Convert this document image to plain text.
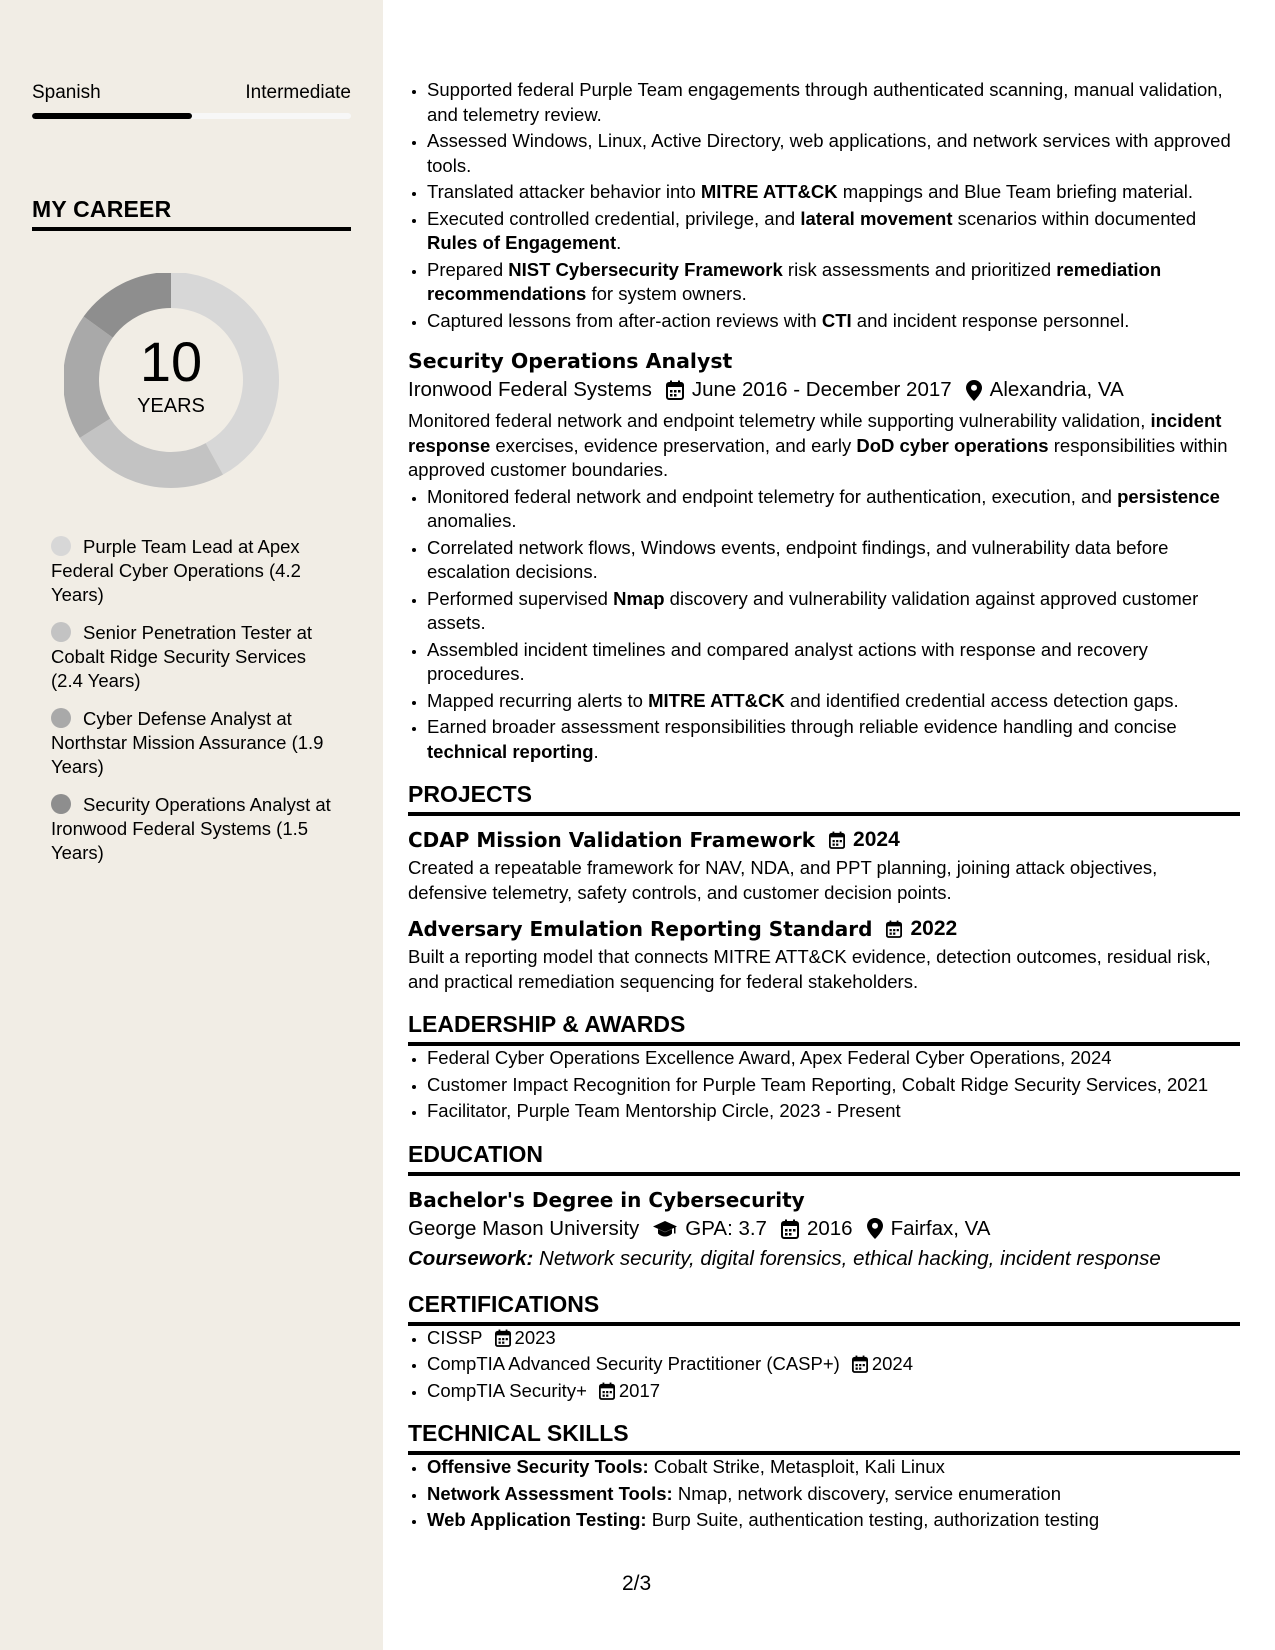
Spanish	Intermediate
MY CAREER
10
YEARS
Purple Team Lead at Apex Federal Cyber Operations (4.2 Years)
Senior Penetration Tester at Cobalt Ridge Security Services (2.4 Years)
Cyber Defense Analyst at Northstar Mission Assurance (1.9 Years)
Security Operations Analyst at Ironwood Federal Systems (1.5 Years)
• Supported federal Purple Team engagements through authenticated scanning, manual validation, and telemetry review.
• Assessed Windows, Linux, Active Directory, web applications, and network services with approved tools.
• Translated attacker behavior into MITRE ATT&CK mappings and Blue Team briefing material.
• Executed controlled credential, privilege, and lateral movement scenarios within documented Rules of Engagement.
• Prepared NIST Cybersecurity Framework risk assessments and prioritized remediation recommendations for system owners.
• Captured lessons from after-action reviews with CTI and incident response personnel.
Security Operations Analyst
Ironwood Federal Systems June 2016 - December 2017 Alexandria, VA
Monitored federal network and endpoint telemetry while supporting vulnerability validation, incident response exercises, evidence preservation, and early DoD cyber operations responsibilities within approved customer boundaries.
• Monitored federal network and endpoint telemetry for authentication, execution, and persistence anomalies.
• Correlated network flows, Windows events, endpoint findings, and vulnerability data before escalation decisions.
• Performed supervised Nmap discovery and vulnerability validation against approved customer assets.
• Assembled incident timelines and compared analyst actions with response and recovery procedures.
• Mapped recurring alerts to MITRE ATT&CK and identified credential access detection gaps.
• Earned broader assessment responsibilities through reliable evidence handling and concise technical reporting.
PROJECTS
CDAP Mission Validation Framework 2024
Created a repeatable framework for NAV, NDA, and PPT planning, joining attack objectives, defensive telemetry, safety controls, and customer decision points.
Adversary Emulation Reporting Standard 2022
Built a reporting model that connects MITRE ATT&CK evidence, detection outcomes, residual risk, and practical remediation sequencing for federal stakeholders.
LEADERSHIP & AWARDS
• Federal Cyber Operations Excellence Award, Apex Federal Cyber Operations, 2024
• Customer Impact Recognition for Purple Team Reporting, Cobalt Ridge Security Services, 2021
• Facilitator, Purple Team Mentorship Circle, 2023 - Present
EDUCATION
Bachelor's Degree in Cybersecurity
George Mason University GPA: 3.7 2016 Fairfax, VA
Coursework: Network security, digital forensics, ethical hacking, incident response
CERTIFICATIONS
• CISSP 2023
• CompTIA Advanced Security Practitioner (CASP+) 2024
• CompTIA Security+ 2017
TECHNICAL SKILLS
• Offensive Security Tools: Cobalt Strike, Metasploit, Kali Linux
• Network Assessment Tools: Nmap, network discovery, service enumeration
• Web Application Testing: Burp Suite, authentication testing, authorization testing
2/3
